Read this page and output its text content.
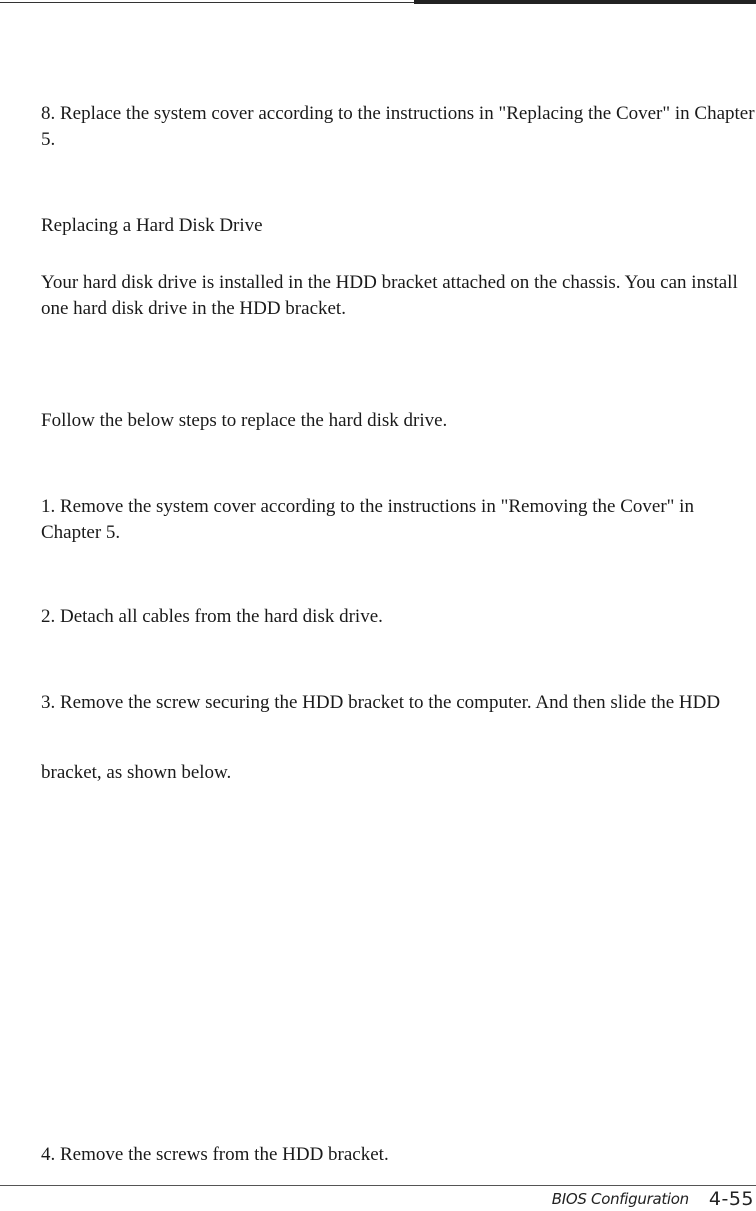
8. Replace the system cover according to the instructions in "Replacing the Cover" in Chapter 5.

Replacing a Hard Disk Drive

Your hard disk drive is installed in the HDD bracket attached on the chassis. You can install one hard disk drive in the HDD bracket.

Follow the below steps to replace the hard disk drive.

1. Remove the system cover according to the instructions in "Removing the Cover" in Chapter 5.

2. Detach all cables from the hard disk drive.

3. Remove the screw securing the HDD bracket to the computer. And then slide the HDD

bracket, as shown below.

4. Remove the screws from the HDD bracket.

BIOS Configuration 4-55
